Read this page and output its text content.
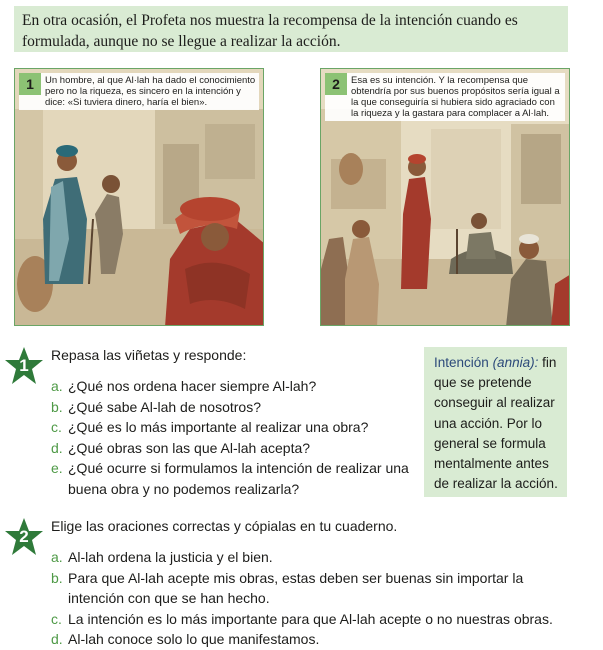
En otra ocasión, el Profeta nos muestra la recompensa de la intención cuando es formulada, aunque no se llegue a realizar la acción.
1	Un hombre, al que Al·lah ha dado el conocimiento pero no la riqueza, es sincero en la intención y dice: «Si tuviera dinero, haría el bien».
2	Esa es su intención. Y la recompensa que obtendría por sus buenos propósitos sería igual a la que conseguiría si hubiera sido agraciado con la riqueza y la gastara para complacer a Al·lah.
1
Repasa las viñetas y responde:
a. ¿Qué nos ordena hacer siempre Al-lah?
b. ¿Qué sabe Al-lah de nosotros?
c. ¿Qué es lo más importante al realizar una obra?
d. ¿Qué obras son las que Al-lah acepta?
e. ¿Qué ocurre si formulamos la intención de realizar una buena obra y no podemos realizarla?
Intención (annia): fin que se pretende conseguir al realizar una acción. Por lo general se formula mentalmente antes de realizar la acción.
2
Elige las oraciones correctas y cópialas en tu cuaderno.
a. Al-lah ordena la justicia y el bien.
b. Para que Al-lah acepte mis obras, estas deben ser buenas sin importar la intención con que se han hecho.
c. La intención es lo más importante para que Al-lah acepte o no nuestras obras.
d. Al-lah conoce solo lo que manifestamos.
